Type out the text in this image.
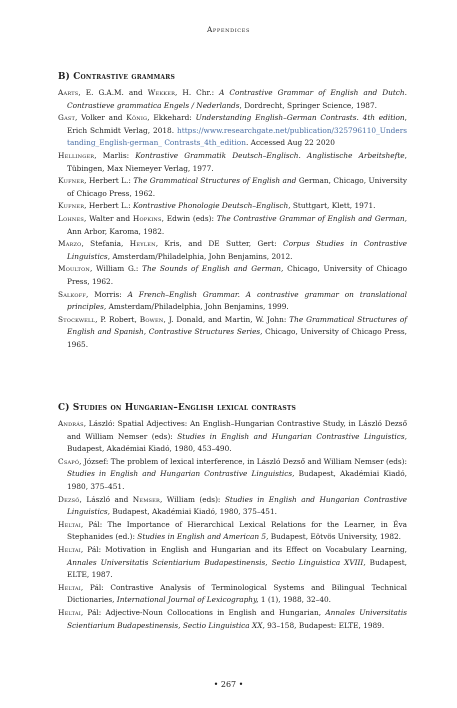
Appendices
B) Contrastive grammars

Aarts, E. G.A.M. and Wekker, H. Chr.: A Contrastive Grammar of English and Dutch. Contrastieve grammatica Engels / Nederlands, Dordrecht, Springer Science, 1987.

Gast, Volker and König, Ekkehard: Understanding English–German Contrasts. 4th edition, Erich Schmidt Verlag, 2018. https://www.researchgate.net/publication/325796110_Understanding_English-german_ Contrasts_4th_edition. Accessed Aug 22 2020

Hellinger, Marlis: Kontrastive Grammatik Deutsch–Englisch. Anglistische Arbeitshefte, Tübingen, Max Niemeyer Verlag, 1977.

Kufner, Herbert L.: The Grammatical Structures of English and German, Chicago, University of Chicago Press, 1962.

Kufner, Herbert L.: Kontrastive Phonologie Deutsch–Englisch, Stuttgart, Klett, 1971.

Lohnes, Walter and Hopkins, Edwin (eds): The Contrastive Grammar of English and German, Ann Arbor, Karoma, 1982.

Marzo, Stefania, Heylen, Kris, and DE Sutter, Gert: Corpus Studies in Contrastive Linguistics, Amsterdam/Philadelphia, John Benjamins, 2012.

Moulton, William G.: The Sounds of English and German, Chicago, University of Chicago Press, 1962.

Salkoff, Morris: A French–English Grammar. A contrastive grammar on translational principles, Amsterdam/Philadelphia, John Benjamins, 1999.

Stockwell, P. Robert, Bowen, J. Donald, and Martin, W. John: The Grammatical Structures of English and Spanish, Contrastive Structures Series, Chicago, University of Chicago Press, 1965.

C) Studies on Hungarian–English lexical contrasts

András, László: Spatial Adjectives: An English–Hungarian Contrastive Study, in László Dezső and William Nemser (eds): Studies in English and Hungarian Contrastive Linguistics, Budapest, Akadémiai Kiadó, 1980, 453–490.

Csapó, József: The problem of lexical interference, in László Dezső and William Nemser (eds): Studies in English and Hungarian Contrastive Linguistics, Budapest, Akadémiai Kiadó, 1980, 375–451.

Dezső, László and Nemser, William (eds): Studies in English and Hungarian Contrastive Linguistics, Budapest, Akadémiai Kiadó, 1980, 375–451.

Heltai, Pál: The Importance of Hierarchical Lexical Relations for the Learner, in Éva Stephanides (ed.): Studies in English and American 5, Budapest, Eötvös University, 1982.

Heltai, Pál: Motivation in English and Hungarian and its Effect on Vocabulary Learning, Annales Universitatis Scientiarium Budapestinensis, Sectio Linguistica XVIII, Budapest, ELTE, 1987.

Heltai, Pál: Contrastive Analysis of Terminological Systems and Bilingual Technical Dictionaries, International Journal of Lexicography, 1 (1), 1988, 32–40.

Heltai, Pál: Adjective-Noun Collocations in English and Hungarian, Annales Universitatis Scientiarium Budapestinensis, Sectio Linguistica XX, 93–158, Budapest: ELTE, 1989.

• 267 •
